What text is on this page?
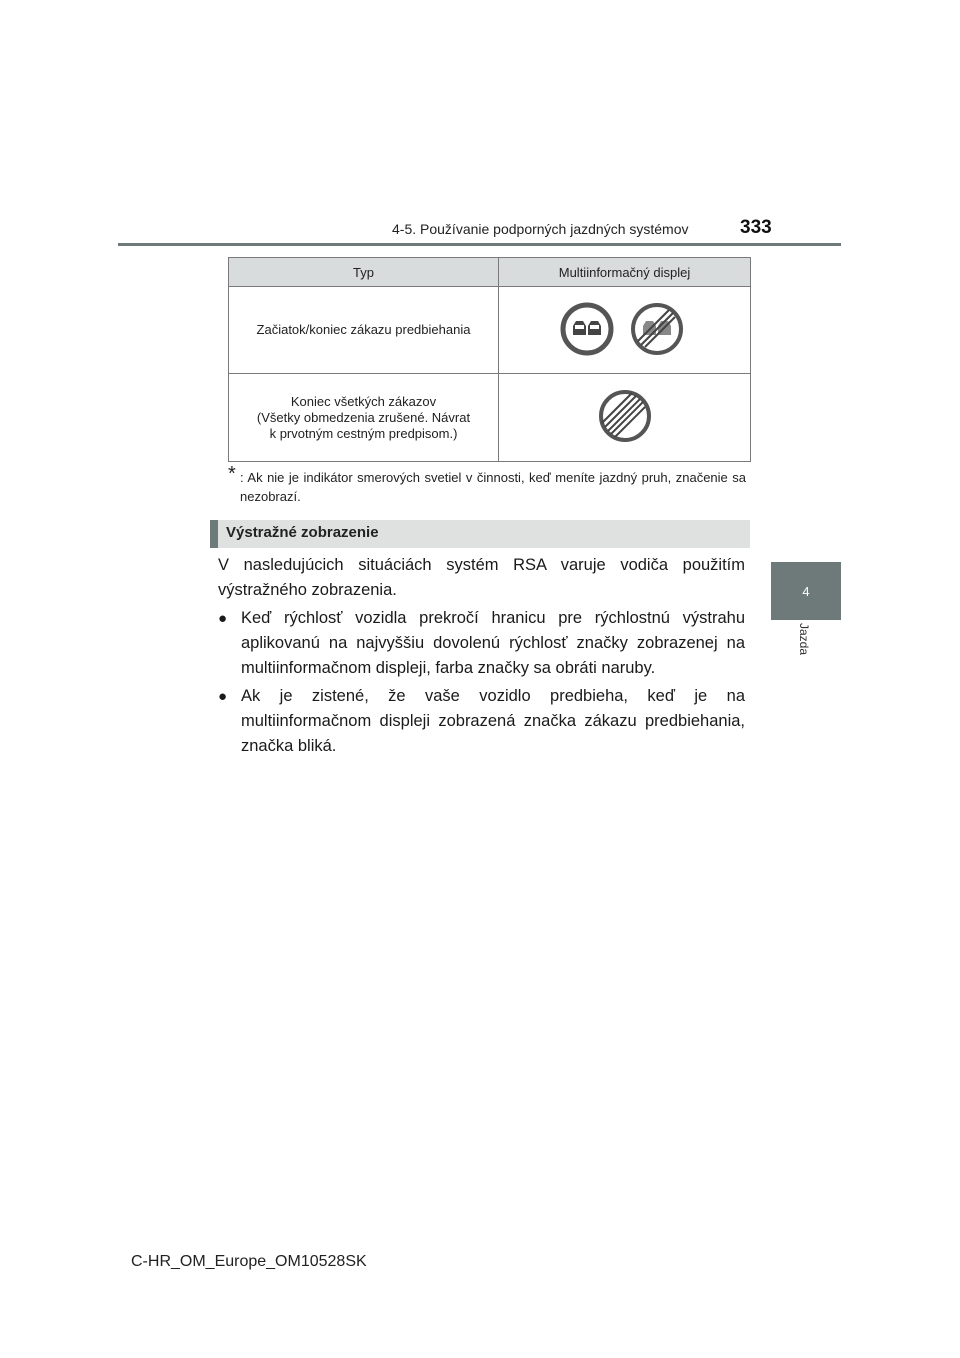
4-5. Používanie podporných jazdných systémov	333
4
Jazda
Typ	Multiinformačný displej
Začiatok/koniec zákazu predbiehania	

Koniec všetkých zákazov
(Všetky obmedzenia zrušené. Návrat
k prvotným cestným predpisom.)

* : Ak nie je indikátor smerových svetiel v činnosti, keď meníte jazdný pruh, značenie sa nezobrazí.
Výstražné zobrazenie
V nasledujúcich situáciách systém RSA varuje vodiča použitím výstražného zobrazenia.
● Keď rýchlosť vozidla prekročí hranicu pre rýchlostnú výstrahu aplikovanú na najvyššiu dovolenú rýchlosť značky zobrazenej na multiinformačnom displeji, farba značky sa obráti naruby.
● Ak je zistené, že vaše vozidlo predbieha, keď je na multiinformačnom displeji zobrazená značka zákazu predbiehania, značka bliká.
C-HR_OM_Europe_OM10528SK
